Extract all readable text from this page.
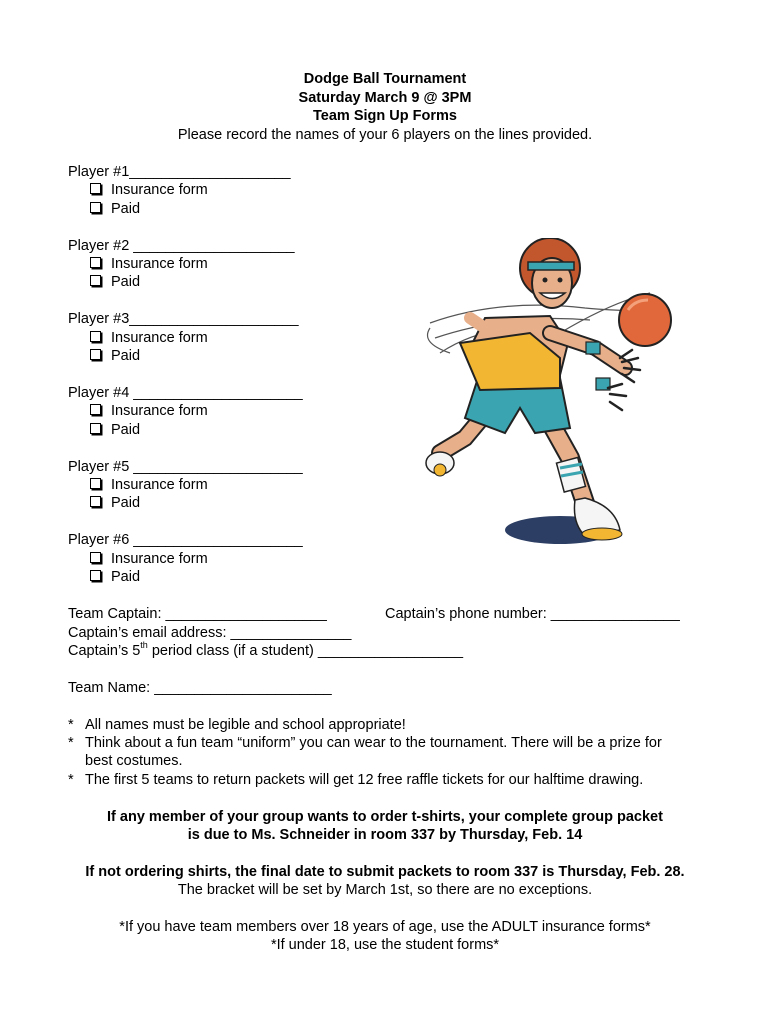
Dodge Ball Tournament
Saturday March 9 @ 3PM
Team Sign Up Forms
Please record the names of your 6 players on the lines provided.
Player #1____________________
Insurance form
Paid
Player #2 ____________________
Insurance form
Paid
Player #3_____________________
Insurance form
Paid
Player #4 _____________________
Insurance form
Paid
Player #5 _____________________
Insurance form
Paid
Player #6 _____________________
Insurance form
Paid
Team Captain: ____________________	Captain’s phone number: ________________
Captain’s email address: _______________
Captain’s 5th period class (if a student) __________________
Team Name: ______________________
* All names must be legible and school appropriate!
* Think about a fun team “uniform” you can wear to the tournament. There will be a prize for
best costumes.
* The first 5 teams to return packets will get 12 free raffle tickets for our halftime drawing.
If any member of your group wants to order t-shirts, your complete group packet
is due to Ms. Schneider in room 337 by Thursday, Feb. 14
If not ordering shirts, the final date to submit packets to room 337 is Thursday, Feb. 28.
The bracket will be set by March 1st, so there are no exceptions.
*If you have team members over 18 years of age, use the ADULT insurance forms*
*If under 18, use the student forms*
